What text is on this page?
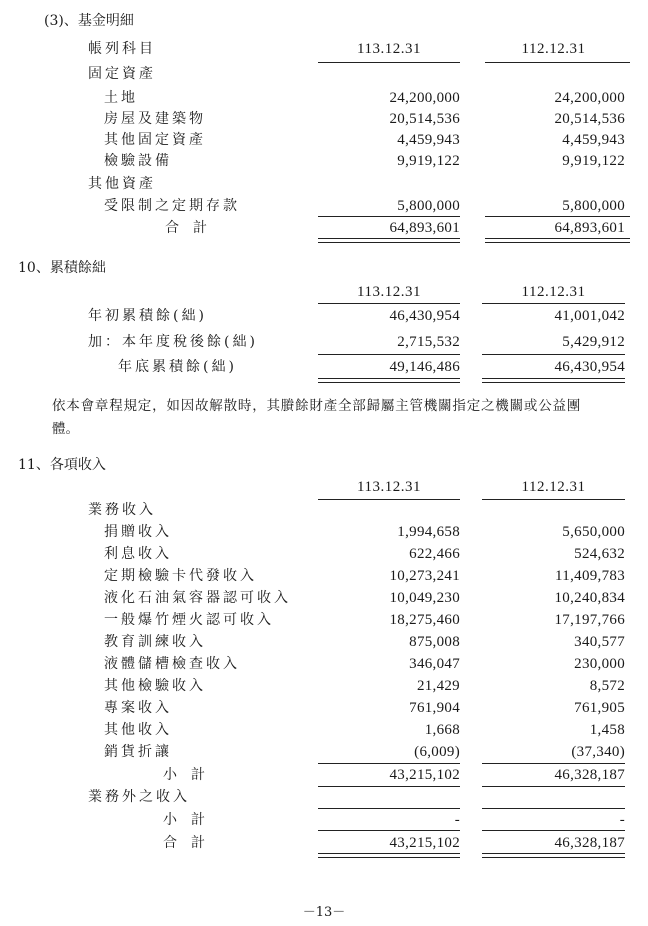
(3)、基金明細
帳列科目	113.12.31	112.12.31
固定資產
土地	24,200,000	24,200,000
房屋及建築物	20,514,536	20,514,536
其他固定資產	4,459,943	4,459,943
檢驗設備	9,919,122	9,919,122
其他資產
受限制之定期存款	5,800,000	5,800,000
合　計	64,893,601	64,893,601
10、累積餘絀
113.12.31	112.12.31
年初累積餘(絀)	46,430,954	41,001,042
加：本年度稅後餘(絀)	2,715,532	5,429,912
年底累積餘(絀)	49,146,486	46,430,954
依本會章程規定，如因故解散時，其賸餘財產全部歸屬主管機關指定之機關或公益團
體。
11、各項收入
113.12.31	112.12.31
業務收入
捐贈收入	1,994,658	5,650,000
利息收入	622,466	524,632
定期檢驗卡代發收入	10,273,241	11,409,783
液化石油氣容器認可收入	10,049,230	10,240,834
一般爆竹煙火認可收入	18,275,460	17,197,766
教育訓練收入	875,008	340,577
液體儲槽檢查收入	346,047	230,000
其他檢驗收入	21,429	8,572
專案收入	761,904	761,905
其他收入	1,668	1,458
銷貨折讓	(6,009)	(37,340)
小　計	43,215,102	46,328,187
業務外之收入
小　計	-	-
合　計	43,215,102	46,328,187
－13－
